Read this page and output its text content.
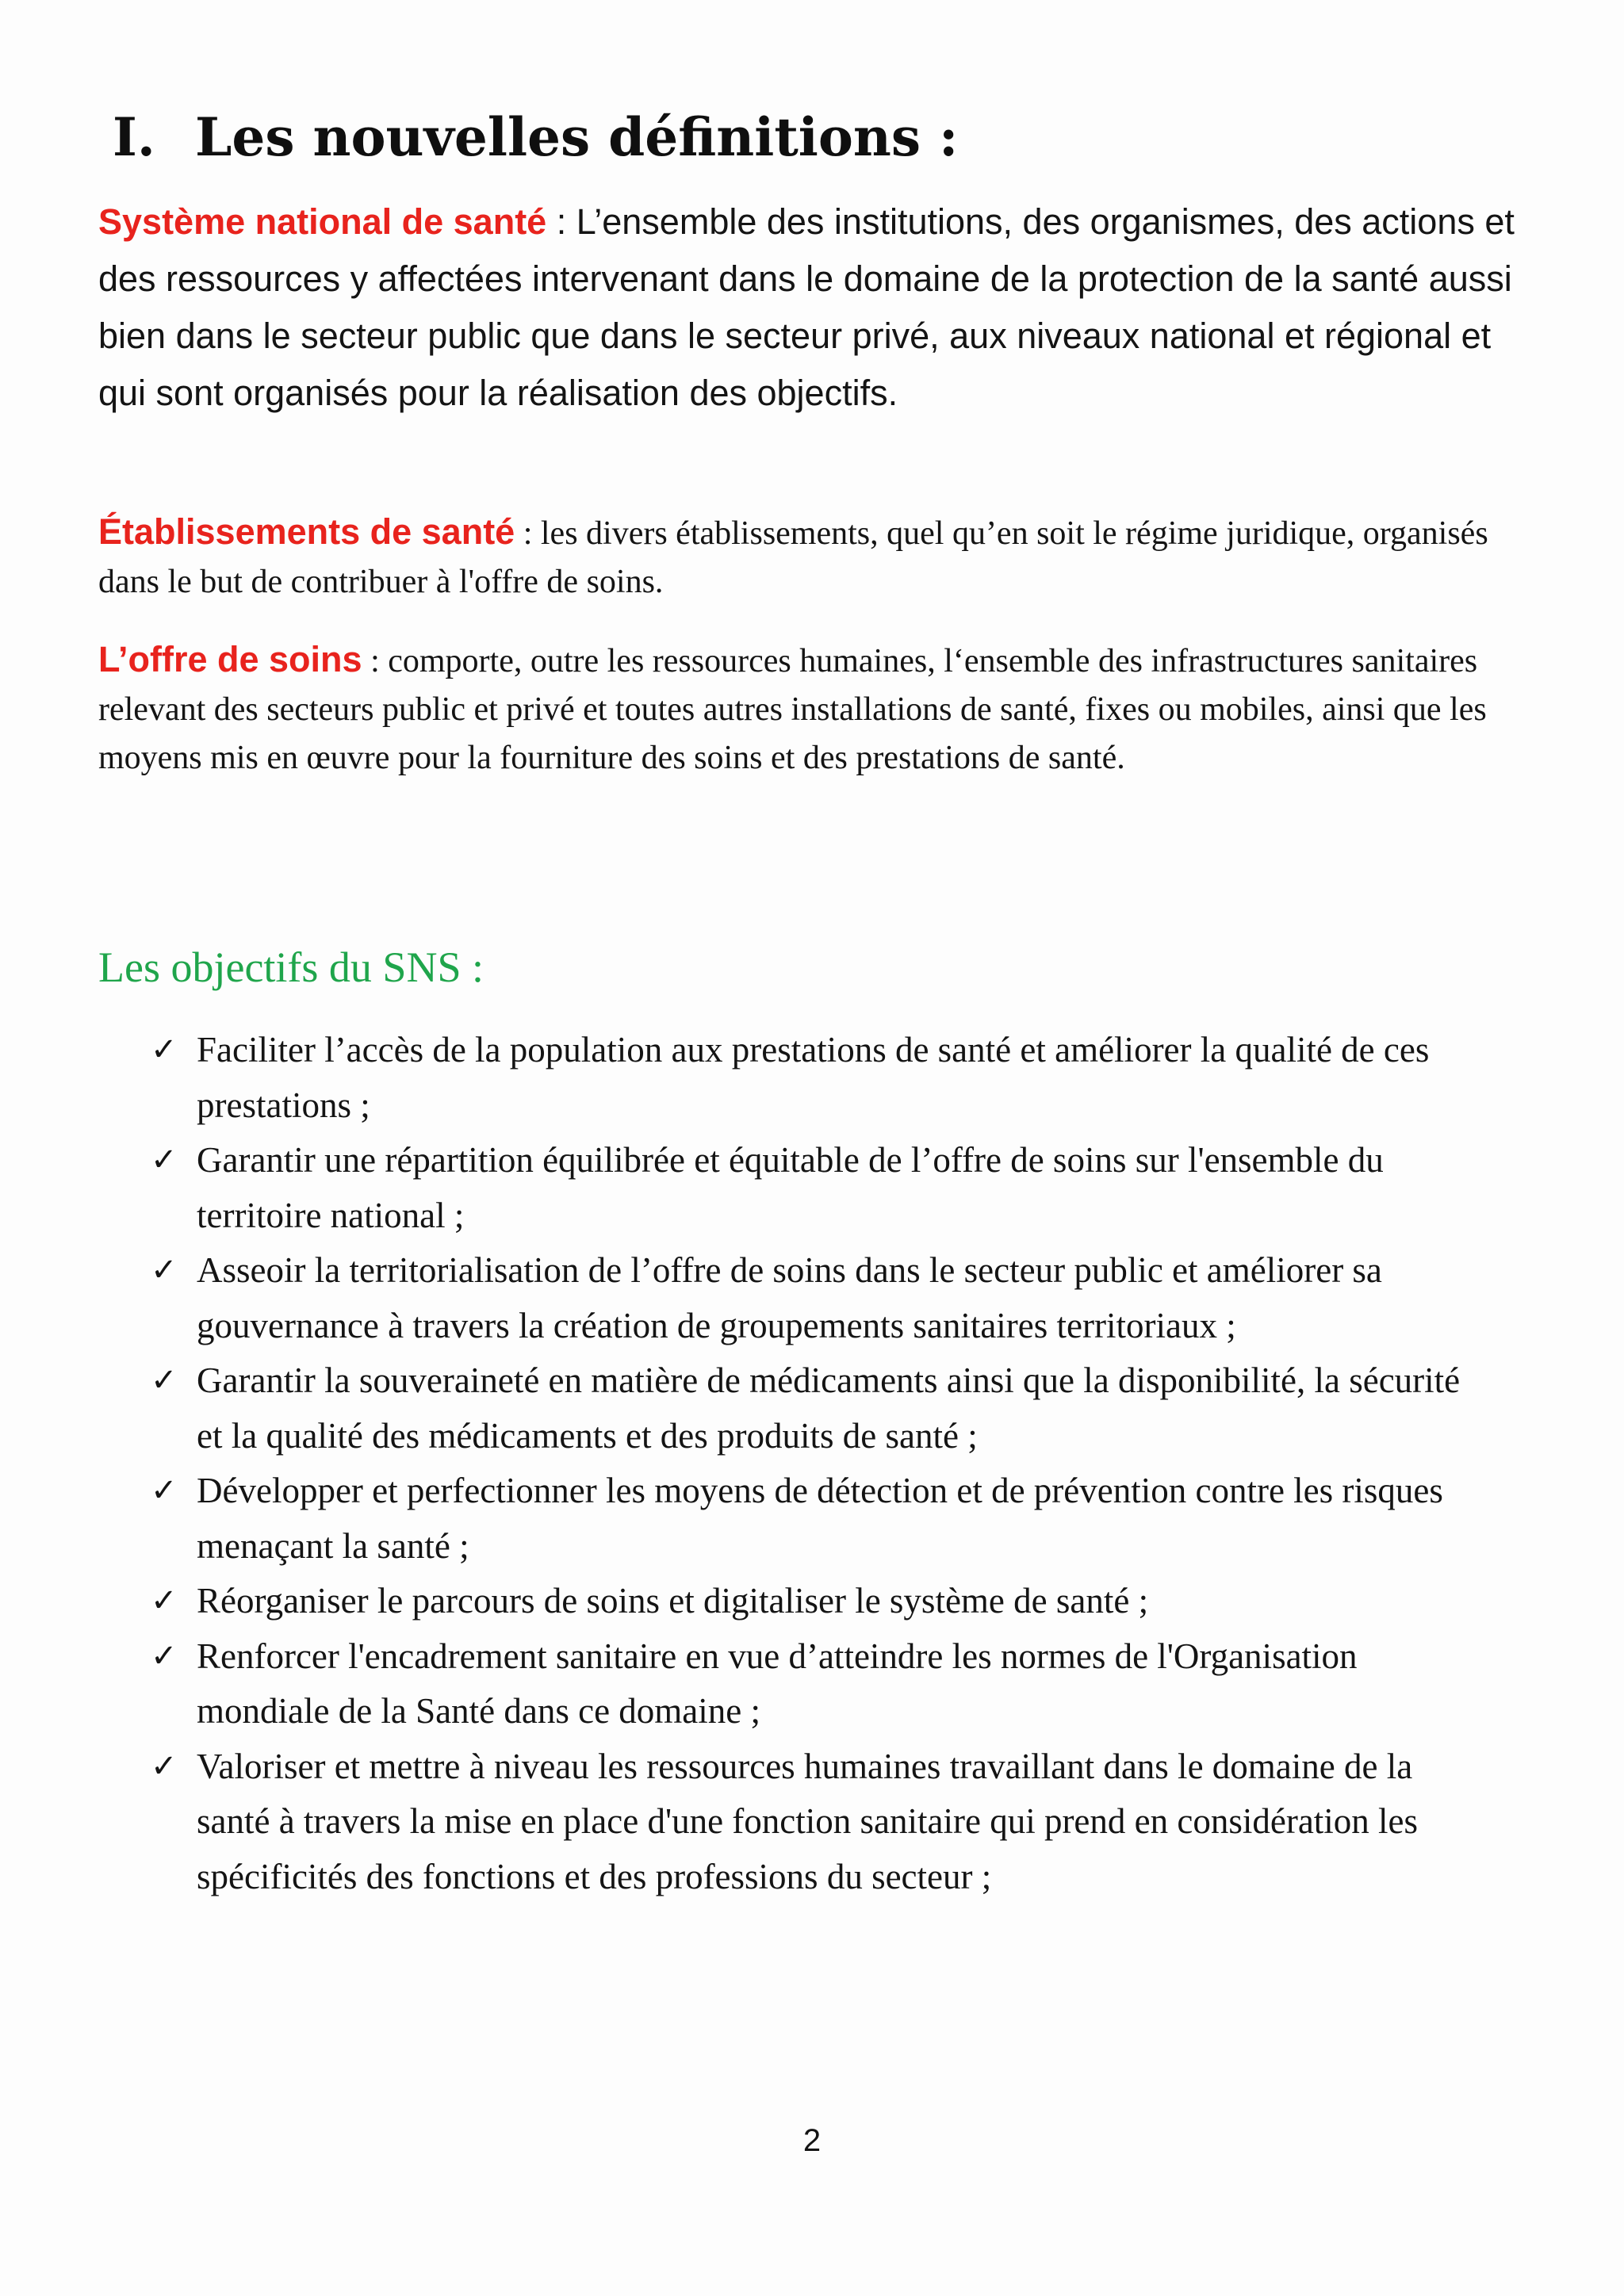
I. Les nouvelles définitions :

Système national de santé : L’ensemble des institutions, des organismes, des actions et des ressources y affectées intervenant dans le domaine de la protection de la santé aussi bien dans le secteur public que dans le secteur privé, aux niveaux national et régional et qui sont organisés pour la réalisation des objectifs.

Établissements de santé : les divers établissements, quel qu’en soit le régime juridique, organisés dans le but de contribuer à l'offre de soins.

L’offre de soins : comporte, outre les ressources humaines, l‘ensemble des infrastructures sanitaires relevant des secteurs public et privé et toutes autres installations de santé, fixes ou mobiles, ainsi que les moyens mis en œuvre pour la fourniture des soins et des prestations de santé.

Les objectifs du SNS :
✓ Faciliter l’accès de la population aux prestations de santé et améliorer la qualité de ces prestations ;
✓ Garantir une répartition équilibrée et équitable de l’offre de soins sur l'ensemble du territoire national ;
✓ Asseoir la territorialisation de l’offre de soins dans le secteur public et améliorer sa gouvernance à travers la création de groupements sanitaires territoriaux ;
✓ Garantir la souveraineté en matière de médicaments ainsi que la disponibilité, la sécurité et la qualité des médicaments et des produits de santé ;
✓ Développer et perfectionner les moyens de détection et de prévention contre les risques menaçant la santé ;
✓ Réorganiser le parcours de soins et digitaliser le système de santé ;
✓ Renforcer l'encadrement sanitaire en vue d’atteindre les normes de l'Organisation mondiale de la Santé dans ce domaine ;
✓ Valoriser et mettre à niveau les ressources humaines travaillant dans le domaine de la santé à travers la mise en place d'une fonction sanitaire qui prend en considération les spécificités des fonctions et des professions du secteur ;
2
